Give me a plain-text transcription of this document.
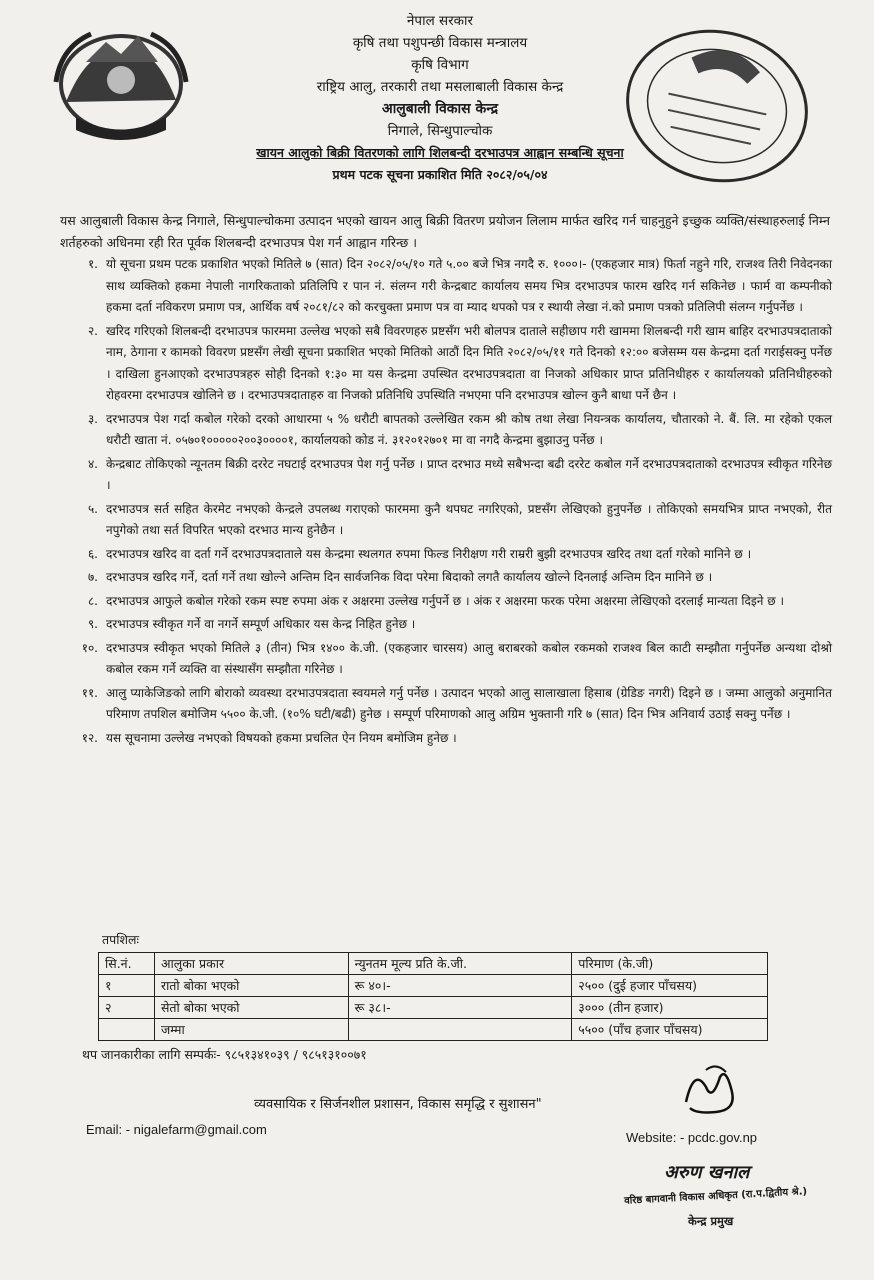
नेपाल सरकार
कृषि तथा पशुपन्छी विकास मन्त्रालय
कृषि विभाग
राष्ट्रिय आलु, तरकारी तथा मसलाबाली विकास केन्द्र
आलुबाली विकास केन्द्र
निगाले, सिन्धुपाल्चोक
खायन आलुको बिक्री वितरणको लागि शिलबन्दी दरभाउपत्र आह्वान सम्बन्धि सूचना
प्रथम पटक सूचना प्रकाशित मिति २०८२/०५/०४
यस आलुबाली विकास केन्द्र निगाले, सिन्धुपाल्चोकमा उत्पादन भएको खायन आलु बिक्री वितरण प्रयोजन लिलाम मार्फत खरिद गर्न चाहनुहुने इच्छुक व्यक्ति/संस्थाहरुलाई निम्न शर्तहरुको अधिनमा रही रित पूर्वक शिलबन्दी दरभाउपत्र पेश गर्न आह्वान गरिन्छ ।
१. यो सूचना प्रथम पटक प्रकाशित भएको मितिले ७ (सात) दिन २०८२/०५/१० गते ५.०० बजे भित्र नगदै रु. १०००।- (एकहजार मात्र) फिर्ता नहुने गरि, राजश्व तिरी निवेदनका साथ व्यक्तिको हकमा नेपाली नागरिकताको प्रतिलिपि र पान नं. संलग्न गरी केन्द्रबाट कार्यालय समय भित्र दरभाउपत्र फारम खरिद गर्न सकिनेछ । फार्म वा कम्पनीको हकमा दर्ता नविकरण प्रमाण पत्र, आर्थिक वर्ष २०८१/८२ को करचुक्ता प्रमाण पत्र वा म्याद थपको पत्र र स्थायी लेखा नं.को प्रमाण पत्रको प्रतिलिपी संलग्न गर्नुपर्नेछ ।
२. खरिद गरिएको शिलबन्दी दरभाउपत्र फारममा उल्लेख भएको सबै विवरणहरु प्रष्टसँग भरी बोलपत्र दाताले सहीछाप गरी खाममा शिलबन्दी गरी खाम बाहिर दरभाउपत्रदाताको नाम, ठेगाना र कामको विवरण प्रष्टसँग लेखी सूचना प्रकाशित भएको मितिको आठौं दिन मिति २०८२/०५/११ गते दिनको १२:०० बजेसम्म यस केन्द्रमा दर्ता गराईसक्नु पर्नेछ । दाखिला हुनआएको दरभाउपत्रहरु सोही दिनको १:३० मा यस केन्द्रमा उपस्थित दरभाउपत्रदाता वा निजको अधिकार प्राप्त प्रतिनिधीहरु र कार्यालयको प्रतिनिधीहरुको रोहवरमा दरभाउपत्र खोलिने छ । दरभाउपत्रदाताहरु वा निजको प्रतिनिधि उपस्थिति नभएमा पनि दरभाउपत्र खोल्न कुनै बाधा पर्ने छैन ।
३. दरभाउपत्र पेश गर्दा कबोल गरेको दरको आधारमा ५ % धरौटी बापतको उल्लेखित रकम श्री कोष तथा लेखा नियन्त्रक कार्यालय, चौतारको ने. बैं. लि. मा रहेको एकल धरौटी खाता नं. ०५७०१०००००२००३००००१, कार्यालयको कोड नं. ३१२०१२७०१ मा वा नगदै केन्द्रमा बुझाउनु पर्नेछ ।
४. केन्द्रबाट तोकिएको न्यूनतम बिक्री दररेट नघटाई दरभाउपत्र पेश गर्नु पर्नेछ । प्राप्त दरभाउ मध्ये सबैभन्दा बढी दररेट कबोल गर्ने दरभाउपत्रदाताको दरभाउपत्र स्वीकृत गरिनेछ ।
५. दरभाउपत्र सर्त सहित केरमेट नभएको केन्द्रले उपलब्ध गराएको फारममा कुनै थपघट नगरिएको, प्रष्टसँग लेखिएको हुनुपर्नेछ । तोकिएको समयभित्र प्राप्त नभएको, रीत नपुगेको तथा सर्त विपरित भएको दरभाउ मान्य हुनेछैन ।
६. दरभाउपत्र खरिद वा दर्ता गर्ने दरभाउपत्रदाताले यस केन्द्रमा स्थलगत रुपमा फिल्ड निरीक्षण गरी राम्ररी बुझी दरभाउपत्र खरिद तथा दर्ता गरेको मानिने छ ।
७. दरभाउपत्र खरिद गर्ने, दर्ता गर्ने तथा खोल्ने अन्तिम दिन सार्वजनिक विदा परेमा बिदाको लगतै कार्यालय खोल्ने दिनलाई अन्तिम दिन मानिने छ ।
८. दरभाउपत्र आफुले कबोल गरेको रकम स्पष्ट रुपमा अंक र अक्षरमा उल्लेख गर्नुपर्ने छ । अंक र अक्षरमा फरक परेमा अक्षरमा लेखिएको दरलाई मान्यता दिइने छ ।
९. दरभाउपत्र स्वीकृत गर्ने वा नगर्ने सम्पूर्ण अधिकार यस केन्द्र निहित हुनेछ ।
१०. दरभाउपत्र स्वीकृत भएको मितिले ३ (तीन) भित्र १४०० के.जी. (एकहजार चारसय) आलु बराबरको कबोल रकमको राजश्व बिल काटी सम्झौता गर्नुपर्नेछ अन्यथा दोश्रो कबोल रकम गर्ने व्यक्ति वा संस्थासँग सम्झौता गरिनेछ ।
११. आलु प्याकेजिङको लागि बोराको व्यवस्था दरभाउपत्रदाता स्वयमले गर्नु पर्नेछ । उत्पादन भएको आलु सालाखाला हिसाब (ग्रेडिङ नगरी) दिइने छ । जम्मा आलुको अनुमानित परिमाण तपशिल बमोजिम ५५०० के.जी. (१०% घटी/बढी) हुनेछ । सम्पूर्ण परिमाणको आलु अग्रिम भुक्तानी गरि ७ (सात) दिन भित्र अनिवार्य उठाई सक्नु पर्नेछ ।
१२. यस सूचनामा उल्लेख नभएको विषयको हकमा प्रचलित ऐन नियम बमोजिम हुनेछ ।
तपशिलः
सि.नं.	आलुका प्रकार	न्युनतम मूल्य प्रति के.जी.	परिमाण (के.जी)
१	रातो बोका भएको	रू ४०।-	२५०० (दुई हजार पाँचसय)
२	सेतो बोका भएको	रू ३८।-	३००० (तीन हजार)
	जम्मा		५५०० (पाँच हजार पाँचसय)
थप जानकारीका लागि सम्पर्कः- ९८५१३४१०३९ / ९८५१३१००७१
व्यवसायिक र सिर्जनशील प्रशासन, विकास समृद्धि र सुशासन"
Email: - nigalefarm@gmail.com
Website: - pcdc.gov.np
अरुण खनाल
वरिष्ठ बागवानी विकास अधिकृत (रा.प.द्वितीय श्रे.)
केन्द्र प्रमुख
